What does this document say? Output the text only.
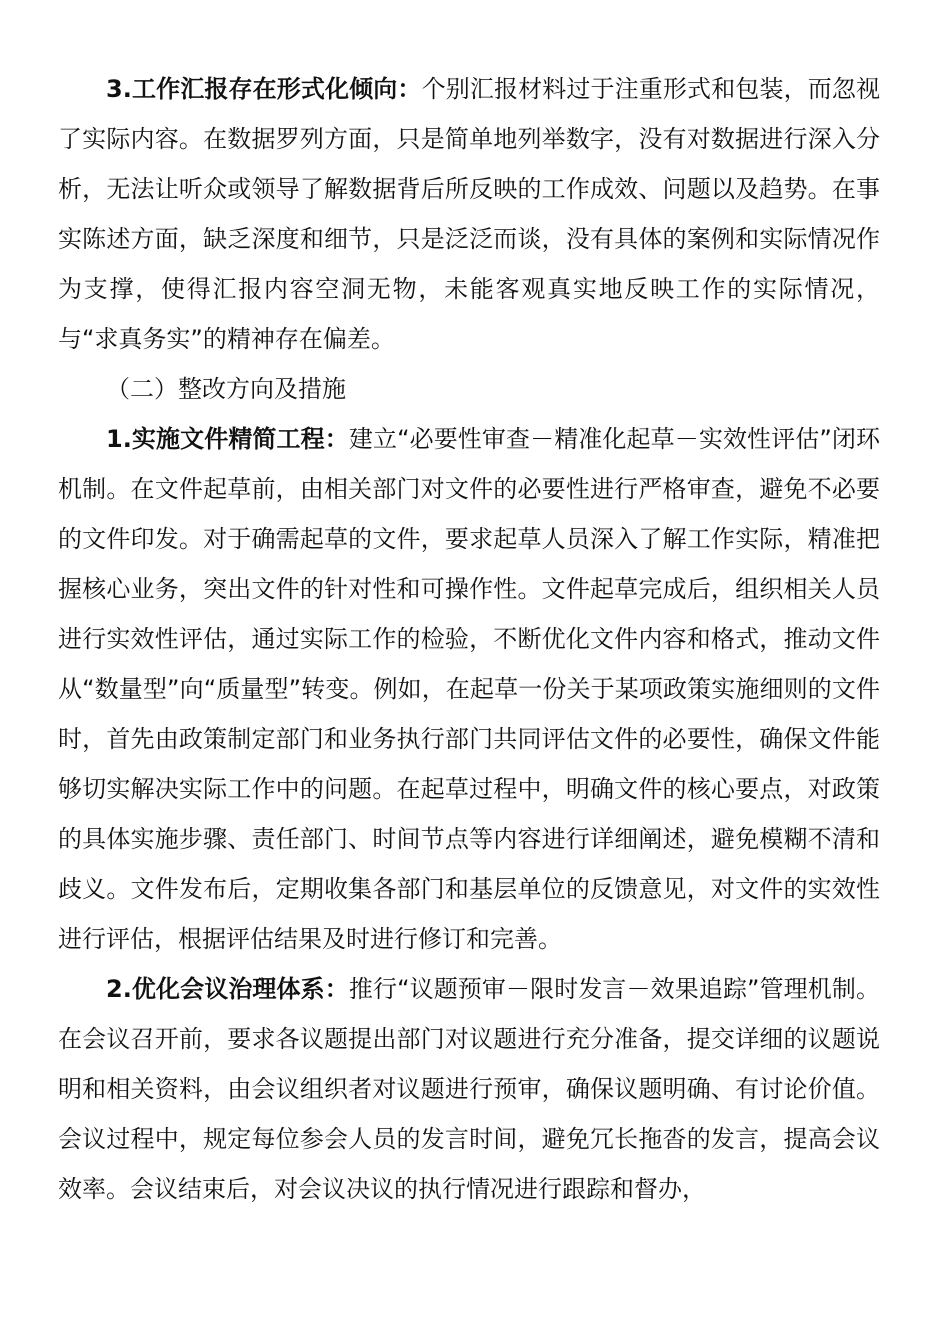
3.工作汇报存在形式化倾向：个别汇报材料过于注重形式和包装，而忽视了实际内容。在数据罗列方面，只是简单地列举数字，没有对数据进行深入分析，无法让听众或领导了解数据背后所反映的工作成效、问题以及趋势。在事实陈述方面，缺乏深度和细节，只是泛泛而谈，没有具体的案例和实际情况作为支撑，使得汇报内容空洞无物，未能客观真实地反映工作的实际情况，与“求真务实”的精神存在偏差。

（二）整改方向及措施

1.实施文件精简工程：建立“必要性审查－精准化起草－实效性评估”闭环机制。在文件起草前，由相关部门对文件的必要性进行严格审查，避免不必要的文件印发。对于确需起草的文件，要求起草人员深入了解工作实际，精准把握核心业务，突出文件的针对性和可操作性。文件起草完成后，组织相关人员进行实效性评估，通过实际工作的检验，不断优化文件内容和格式，推动文件从“数量型”向“质量型”转变。例如，在起草一份关于某项政策实施细则的文件时，首先由政策制定部门和业务执行部门共同评估文件的必要性，确保文件能够切实解决实际工作中的问题。在起草过程中，明确文件的核心要点，对政策的具体实施步骤、责任部门、时间节点等内容进行详细阐述，避免模糊不清和歧义。文件发布后，定期收集各部门和基层单位的反馈意见，对文件的实效性进行评估，根据评估结果及时进行修订和完善。

2.优化会议治理体系：推行“议题预审－限时发言－效果追踪”管理机制。在会议召开前，要求各议题提出部门对议题进行充分准备，提交详细的议题说明和相关资料，由会议组织者对议题进行预审，确保议题明确、有讨论价值。会议过程中，规定每位参会人员的发言时间，避免冗长拖沓的发言，提高会议效率。会议结束后，对会议决议的执行情况进行跟踪和督办，
